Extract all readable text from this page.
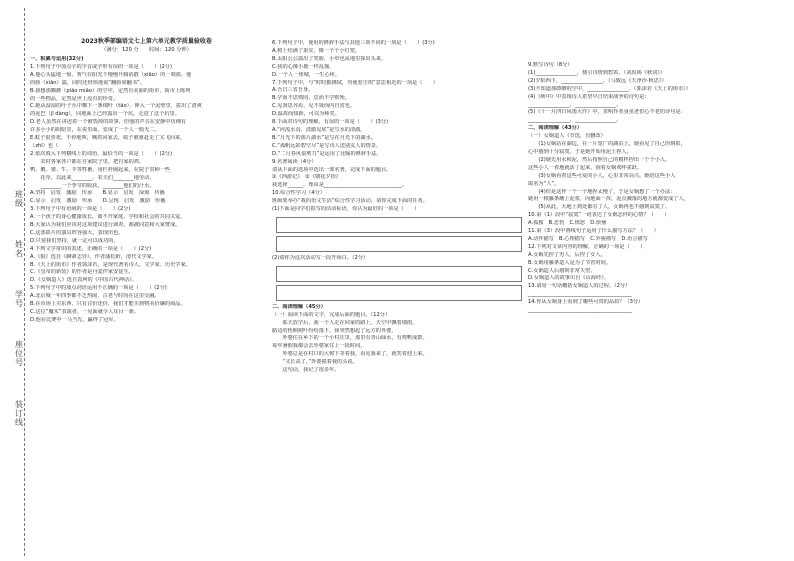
班级
姓名
学号
座位号
装订线
2023秋季部编语文七上第六单元教学质量验收卷
（满分：120 分　　时间：120 分钟）
一、积累与运用(32分)
1.下列句子中加点字的字音或字形有误的一项是（　　）(2分)
A.他心头猛地一惊，雾气在阳光下慢慢升腾消散（xiāo）的一刹那，他
的脸（xiǎn）露，同时还轻快地说“翻脸如翻书”。
B.我想那飘渺（piāo miǎo）的空中，定然有美丽的街市，街市上陈列
的一些物品，定然是世上没有的珍奇。
C.她从湿湿的叶子丛中飘下一条细叶（tāo），伸入一个泥壁里，拔出了清爽
的泥巴（jī dàng），同地面上已经露出一个坑，走进了这个坑里。
D.老人虽然在讲述着一个被毁掉的故事，但他的声音在安静中仿佛有
许多小小的阴暗里，在说里面，变成了一个人一般无二。
E.蚊子很喜欢，不停地叫，喊着回家去，蚊子被驱赶走了又飞回来，
（zhǐ）也（　　）
2.依次填入下列横线上的词语，最恰当的一项是（　　）(2分)
　　农村各家各户都在自家院子里，把自家的鸡、
鸭、鹅、猪、牛、羊等牲畜，用栏杆圈起来，在院子里种一些
　　花草，以此来________。农夫们________地劳动，
　　________一个季节的收获，________他们的汗水。
A.坚持　启发　激励　传承　　B.显示　启发　深刻　传播
C.显示　启发　激励　传承　　D.呈现　启发　激励　传播
3.下列句子中有语病的一项是（　　）(2分)
A.一个孩子的身心健康成长，离不开家庭、学校和社会的共同关爱。
B.大家认为我们应该对这项建议进行调查，都被同意和大家赞成。
C.这部影片的演员阵容强大，表现出色。
D.只要我们坚持，就一定可以成功的。
4.下列文学常识的表述，正确的一项是（　　）(2分)
A.《狼》选自《聊斋志异》，作者蒲松龄，清代文学家。
B.《天上的街市》作者郭沫若，是现代著名诗人、文学家、历史学家。
C.《皇帝的新装》的作者是丹麦作家安徒生。
D.《女娲造人》选自袁珂的《中国古代神话》。
5.下列句子中的加点词语运用不正确的一项是（　　）(2分)
A.北京城一年四季都不乏热闹，古老与时尚在这里交融。
B.在市场上买东西，只有讨价还价，我们才能买到物美价廉的商品。
C.这位“魔术”表演者，一见面就令人耳目一新。
D.他在比赛中一马当先，赢得了冠军。
6.下列句子中，使用的修辞手法与其他三项不同的一项是（　　）(3分)
A.树上结满了果实，像一个个小灯笼。
B.太阳公公露出了笑脸，小草也从地里探出头来。
C.我的心像小鹿一样乱撞。
D.一个人一座城，一生心疼。
7.下列句子中，与“时时勤拂拭，勿使惹尘埃”意思相近的一项是（　　）
A.吾日三省吾身。
B.学而不思则罔，思而不学则殆。
C.见贤思齐焉，见不贤而内自省也。
D.温故而知新，可以为师矣。
8.下面对诗句的理解，有误的一项是（　　）(3分)
A.“河流水沟，清澈见底”是写水的清澈。
B.“月光下的那片湖水”是写在月光下的湖水。
C.“孤帆远影碧空尽”是写诗人送别友人的情景。
D.“二月春风似剪刀”是运用了比喻的修辞手法。
9.名著阅读（4分）
请从下面的选项中选出一部名著，完成下面的题目。
①《西游记》　②《朝花夕拾》
我选择______，理由是______________________________。
10.综合性学习（4分）
班级要举办“我的语文生活”综合性学习活动，请你完成下面的任务。
(1)下面是同学们拟写的活动标语，你认为最好的一项是（　　）
(2)请你为这次活动写一段开场白。（2分）
二、阅读理解（45分）
（一）阅读下面的文字，完成后面的题目。（12分）
　　那天放学后，我一个人走在回家的路上，天空中飘着细雨，
路边的梧桐树叶纷纷落下，我突然想起了远方的外婆。
　　外婆住在乡下的一个小村庄里，那里有青山绿水，有鸡鸭成群。
每年暑假我都会去外婆家住上一段时间。
　　外婆总是在村口的大树下等着我，看见我来了，就笑着迎上来。
　　“又长高了，”外婆摸着我的头说。
　　这句话，我记了很多年。
9.默写诗句（8分）
(1)________________，便引诗情到碧霄。（刘禹锡《秋词》）
(2)夕阳西下，________________。（马致远《天净沙·秋思》）
(3)不知道那缥缈的空中，________________。（郭沫若《天上的街市》）
(4)《峡中》中表现诗人希望早日结束战争的诗句是：
________________，________________。
(5)《十一月四日风雨大作》中，表明作者身虽老但心不老的诗句是：
________________，________________。
二、阅读理解（43分）
（一）女娲造人（节选，有删改）
　　(1)女娲站在湖边，在一片宽广的湖泊上，她看见了自己的倒影，
心中感到十分寂寞，于是她开始用泥土捏人。
　　(2)她先用水和泥，然后按照自己的模样捏出一个个小人，
这些小人一着地就活了起来，围着女娲欢呼雀跃。
　　(3)女娲看着这些可爱的小人，心里非常高兴，她给这些小人
取名为“人”。
　　(4)但是这样一个一个地捏太慢了，于是女娲想了一个办法：
她用一根藤条蘸上泥浆，向地面一挥，泥点溅落的地方就都变成了人。
　　(5)从此，大地上到处都有了人，女娲再也不感到寂寞了。
10.第（1）段中“寂寞”一词表达了女娲怎样的心情？（　　）
A.孤独　B.悲伤　C.愤怒　D.烦恼
11.第（3）段中画线句子运用了什么描写方法？（　　）
A.动作描写　B.心理描写　C.外貌描写　D.语言描写
12.下列对文章内容的理解，正确的一项是（　　）
A.女娲先捏了男人，后捏了女人。
B.女娲用藤条造人是为了节省时间。
C.女娲造人后感到非常失望。
D.女娲造人的故事出自《山海经》。
13.请用一句话概括女娲造人的过程。（2分）
________________________________________
14.你从女娲身上看到了哪些可贵的品质？（3分）
________________________________________
